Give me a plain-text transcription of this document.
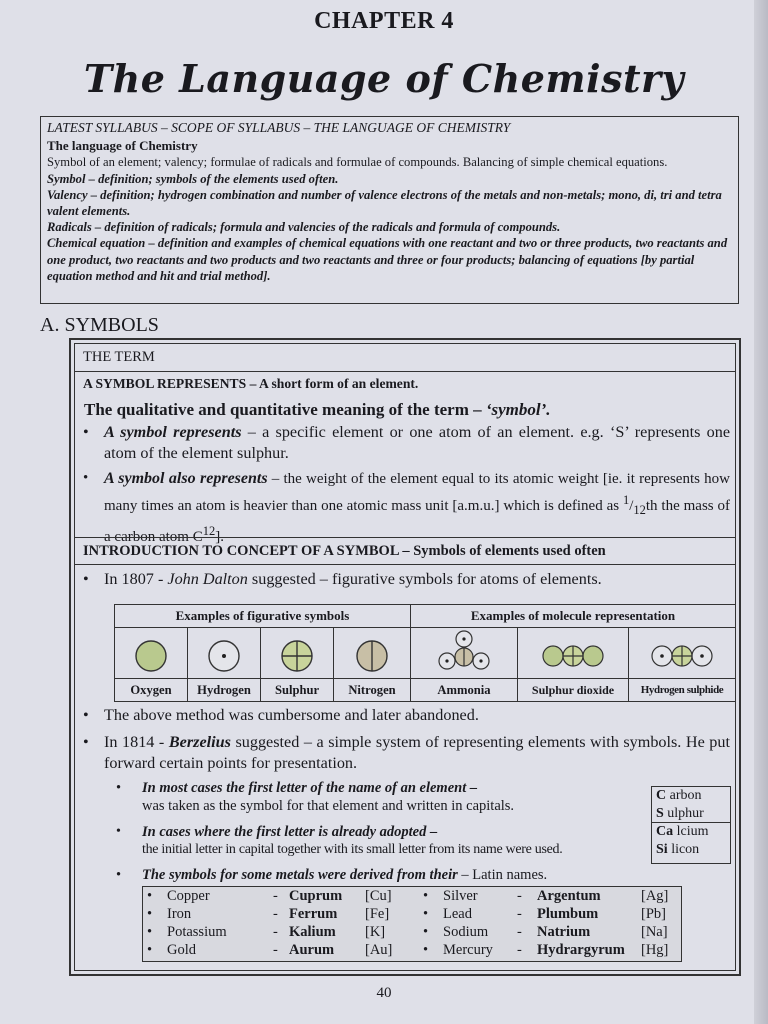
CHAPTER 4
The Language of Chemistry
LATEST SYLLABUS – SCOPE OF SYLLABUS – THE LANGUAGE OF CHEMISTRY
The language of Chemistry
Symbol of an element; valency; formulae of radicals and formulae of compounds. Balancing of simple chemical equations.
Symbol – definition; symbols of the elements used often.
Valency – definition; hydrogen combination and number of valence electrons of the metals and non-metals; mono, di, tri and tetra valent elements.
Radicals – definition of radicals; formula and valencies of the radicals and formula of compounds.
Chemical equation – definition and examples of chemical equations with one reactant and two or three products, two reactants and one product, two reactants and two products and two reactants and three or four products; balancing of equations [by partial equation method and hit and trial method].
A. SYMBOLS
THE TERM
A SYMBOL REPRESENTS – A short form of an element.
The qualitative and quantitative meaning of the term – ‘symbol’.
• A symbol represents – a specific element or one atom of an element. e.g. ‘S’ represents one atom of the element sulphur.
• A symbol also represents – the weight of the element equal to its atomic weight [ie. it represents how many times an atom is heavier than one atomic mass unit [a.m.u.] which is defined as $^1/_{12}th$ the mass of a carbon atom $C^{12}$].
INTRODUCTION TO CONCEPT OF A SYMBOL – Symbols of elements used often
• In 1807 - John Dalton suggested – figurative symbols for atoms of elements.
Examples of figurative symbols				Examples of molecule representation		

Oxygen	Hydrogen	Sulphur	Nitrogen	Ammonia	Sulphur dioxide	Hydrogen sulphide
• The above method was cumbersome and later abandoned.
• In 1814 - Berzelius suggested – a simple system of representing elements with symbols. He put forward certain points for presentation.
• In most cases the first letter of the name of an element –
was taken as the symbol for that element and written in capitals.
• In cases where the first letter is already adopted –
the initial letter in capital together with its small letter from its name were used.
• The symbols for some metals were derived from their – Latin names.
C arbon
S ulphur
Ca lcium
Si licon
• Copper	- Cuprum [Cu] • Silver	- Argentum	[Ag]
• Iron	- Ferrum [Fe] • Lead	- Plumbum	[Pb]
• Potassium	- Kalium [K]	• Sodium - Natrium	[Na]
• Gold	- Aurum [Au] • Mercury - Hydrargyrum [Hg]
40
